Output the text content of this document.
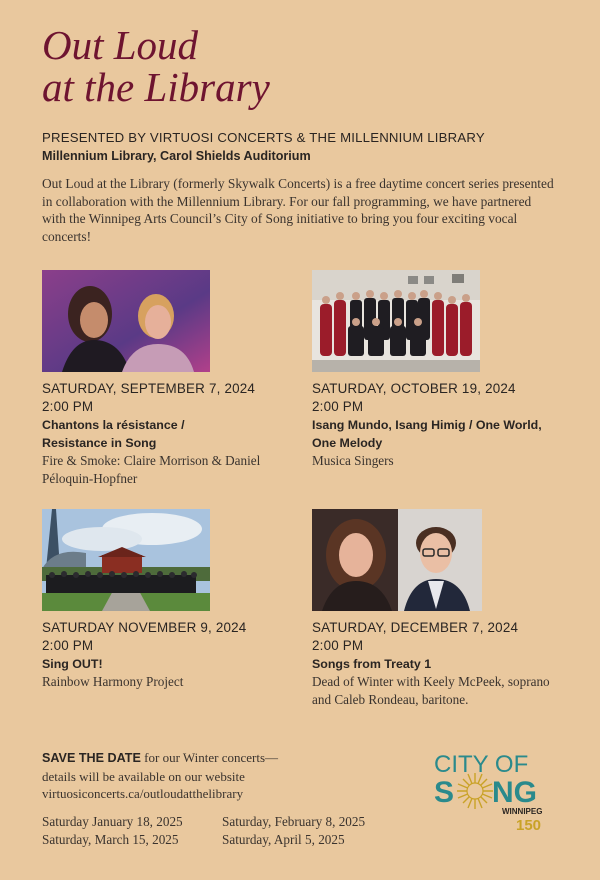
Out Loud
at the Library
PRESENTED BY VIRTUOSI CONCERTS & THE MILLENNIUM LIBRARY
Millennium Library, Carol Shields Auditorium
Out Loud at the Library (formerly Skywalk Concerts) is a free daytime concert series presented in collaboration with the Millennium Library. For our fall programming, we have partnered with the Winnipeg Arts Council’s City of Song initiative to bring you four exciting vocal concerts!
SATURDAY, SEPTEMBER 7, 2024
2:00 PM
Chantons la résistance / Resistance in Song
Fire & Smoke: Claire Morrison & Daniel Péloquin-Hopfner
SATURDAY, OCTOBER 19, 2024
2:00 PM
Isang Mundo, Isang Himig / One World, One Melody
Musica Singers
SATURDAY NOVEMBER 9, 2024
2:00 PM
Sing OUT!
Rainbow Harmony Project
SATURDAY, DECEMBER 7, 2024
2:00 PM
Songs from Treaty 1
Dead of Winter with Keely McPeek, soprano and Caleb Rondeau, baritone.
SAVE THE DATE for our Winter concerts—
details will be available on our website
virtuosiconcerts.ca/outloudatthelibrary
Saturday January 18, 2025	Saturday, February 8, 2025
Saturday, March 15, 2025	Saturday, April 5, 2025
CITY OF
S NG
WINNIPEG
150
